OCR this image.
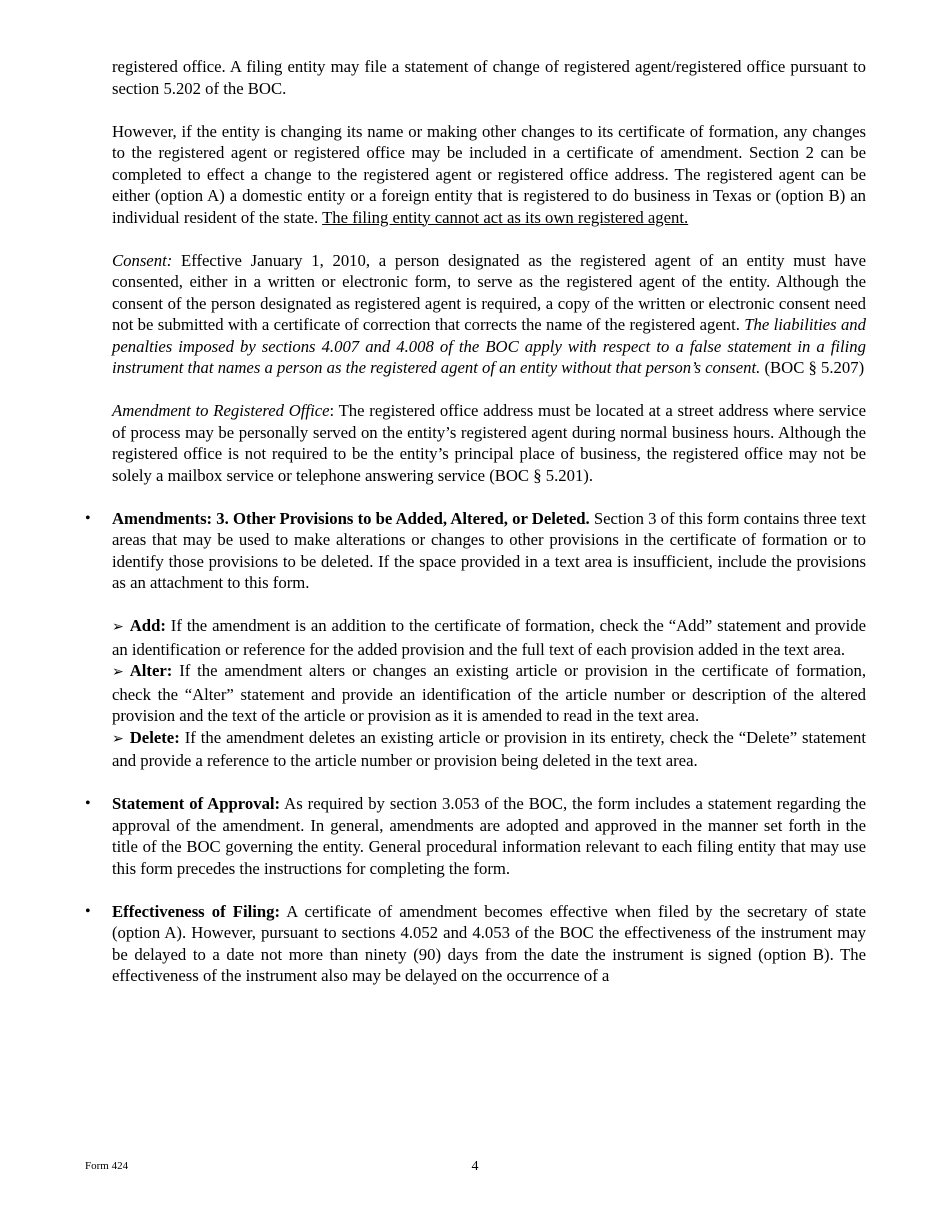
registered office. A filing entity may file a statement of change of registered agent/registered office pursuant to section 5.202 of the BOC.

However, if the entity is changing its name or making other changes to its certificate of formation, any changes to the registered agent or registered office may be included in a certificate of amendment. Section 2 can be completed to effect a change to the registered agent or registered office address. The registered agent can be either (option A) a domestic entity or a foreign entity that is registered to do business in Texas or (option B) an individual resident of the state. The filing entity cannot act as its own registered agent.

Consent: Effective January 1, 2010, a person designated as the registered agent of an entity must have consented, either in a written or electronic form, to serve as the registered agent of the entity. Although the consent of the person designated as registered agent is required, a copy of the written or electronic consent need not be submitted with a certificate of correction that corrects the name of the registered agent. The liabilities and penalties imposed by sections 4.007 and 4.008 of the BOC apply with respect to a false statement in a filing instrument that names a person as the registered agent of an entity without that person’s consent. (BOC § 5.207)

Amendment to Registered Office: The registered office address must be located at a street address where service of process may be personally served on the entity’s registered agent during normal business hours. Although the registered office is not required to be the entity’s principal place of business, the registered office may not be solely a mailbox service or telephone answering service (BOC § 5.201).

• Amendments: 3. Other Provisions to be Added, Altered, or Deleted. Section 3 of this form contains three text areas that may be used to make alterations or changes to other provisions in the certificate of formation or to identify those provisions to be deleted. If the space provided in a text area is insufficient, include the provisions as an attachment to this form.

➢ Add: If the amendment is an addition to the certificate of formation, check the “Add” statement and provide an identification or reference for the added provision and the full text of each provision added in the text area.

➢ Alter: If the amendment alters or changes an existing article or provision in the certificate of formation, check the “Alter” statement and provide an identification of the article number or description of the altered provision and the text of the article or provision as it is amended to read in the text area.

➢ Delete: If the amendment deletes an existing article or provision in its entirety, check the “Delete” statement and provide a reference to the article number or provision being deleted in the text area.

• Statement of Approval: As required by section 3.053 of the BOC, the form includes a statement regarding the approval of the amendment. In general, amendments are adopted and approved in the manner set forth in the title of the BOC governing the entity. General procedural information relevant to each filing entity that may use this form precedes the instructions for completing the form.

• Effectiveness of Filing: A certificate of amendment becomes effective when filed by the secretary of state (option A). However, pursuant to sections 4.052 and 4.053 of the BOC the effectiveness of the instrument may be delayed to a date not more than ninety (90) days from the date the instrument is signed (option B). The effectiveness of the instrument also may be delayed on the occurrence of a

Form 424	4
